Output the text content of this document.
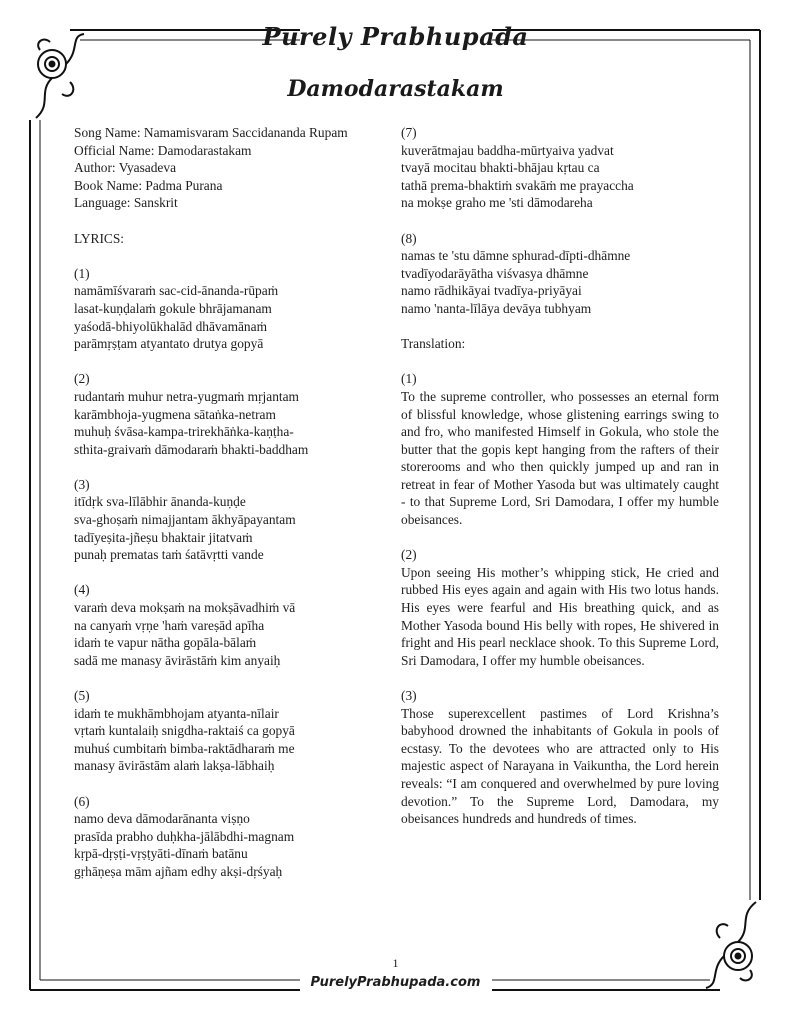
Purely Prabhupada
Damodarastakam
Song Name: Namamisvaram Saccidananda Rupam
Official Name: Damodarastakam
Author: Vyasadeva
Book Name: Padma Purana
Language: Sanskrit
LYRICS:
(1)
namāmīśvaraṁ sac-cid-ānanda-rūpaṁ
lasat-kuṇḍalaṁ gokule bhrājamanam
yaśodā-bhiyolūkhalād dhāvamānaṁ
parāmṛṣṭam atyantato drutya gopyā
(2)
rudantaṁ muhur netra-yugmaṁ mṛjantam
karāmbhoja-yugmena sātaṅka-netram
muhuḥ śvāsa-kampa-trirekhāṅka-kaṇṭha-
sthita-graivaṁ dāmodaraṁ bhakti-baddham
(3)
itīdṛk sva-līlābhir ānanda-kuṇḍe
sva-ghoṣaṁ nimajjantam ākhyāpayantam
tadīyeṣita-jñeṣu bhaktair jitatvaṁ
punaḥ prematas taṁ śatāvṛtti vande
(4)
varaṁ deva mokṣaṁ na mokṣāvadhiṁ vā
na canyaṁ vṛṇe 'haṁ vareṣād apīha
idaṁ te vapur nātha gopāla-bālaṁ
sadā me manasy āvirāstāṁ kim anyaiḥ
(5)
idaṁ te mukhāmbhojam atyanta-nīlair
vṛtaṁ kuntalaiḥ snigdha-raktaiś ca gopyā
muhuś cumbitaṁ bimba-raktādharaṁ me
manasy āvirāstām alaṁ lakṣa-lābhaiḥ
(6)
namo deva dāmodarānanta viṣṇo
prasīda prabho duḥkha-jālābdhi-magnam
kṛpā-dṛṣṭi-vṛṣṭyāti-dīnaṁ batānu
gṛhāṇeṣa mām ajñam edhy akṣi-dṛśyaḥ
(7)
kuverātmajau baddha-mūrtyaiva yadvat
tvayā mocitau bhakti-bhājau kṛtau ca
tathā prema-bhaktiṁ svakāṁ me prayaccha
na mokṣe graho me 'sti dāmodareha
(8)
namas te 'stu dāmne sphurad-dīpti-dhāmne
tvadīyodarāyātha viśvasya dhāmne
namo rādhikāyai tvadīya-priyāyai
namo 'nanta-līlāya devāya tubhyam
Translation:
(1)
To the supreme controller, who possesses an eternal form of blissful knowledge, whose glistening earrings swing to and fro, who manifested Himself in Gokula, who stole the butter that the gopis kept hanging from the rafters of their storerooms and who then quickly jumped up and ran in retreat in fear of Mother Yasoda but was ultimately caught - to that Supreme Lord, Sri Damodara, I offer my humble obeisances.
(2)
Upon seeing His mother’s whipping stick, He cried and rubbed His eyes again and again with His two lotus hands. His eyes were fearful and His breathing quick, and as Mother Yasoda bound His belly with ropes, He shivered in fright and His pearl necklace shook. To this Supreme Lord, Sri Damodara, I offer my humble obeisances.
(3)
Those superexcellent pastimes of Lord Krishna’s babyhood drowned the inhabitants of Gokula in pools of ecstasy. To the devotees who are attracted only to His majestic aspect of Narayana in Vaikuntha, the Lord herein reveals: “I am conquered and overwhelmed by pure loving devotion.” To the Supreme Lord, Damodara, my obeisances hundreds and hundreds of times.
1
PurelyPrabhupada.com
